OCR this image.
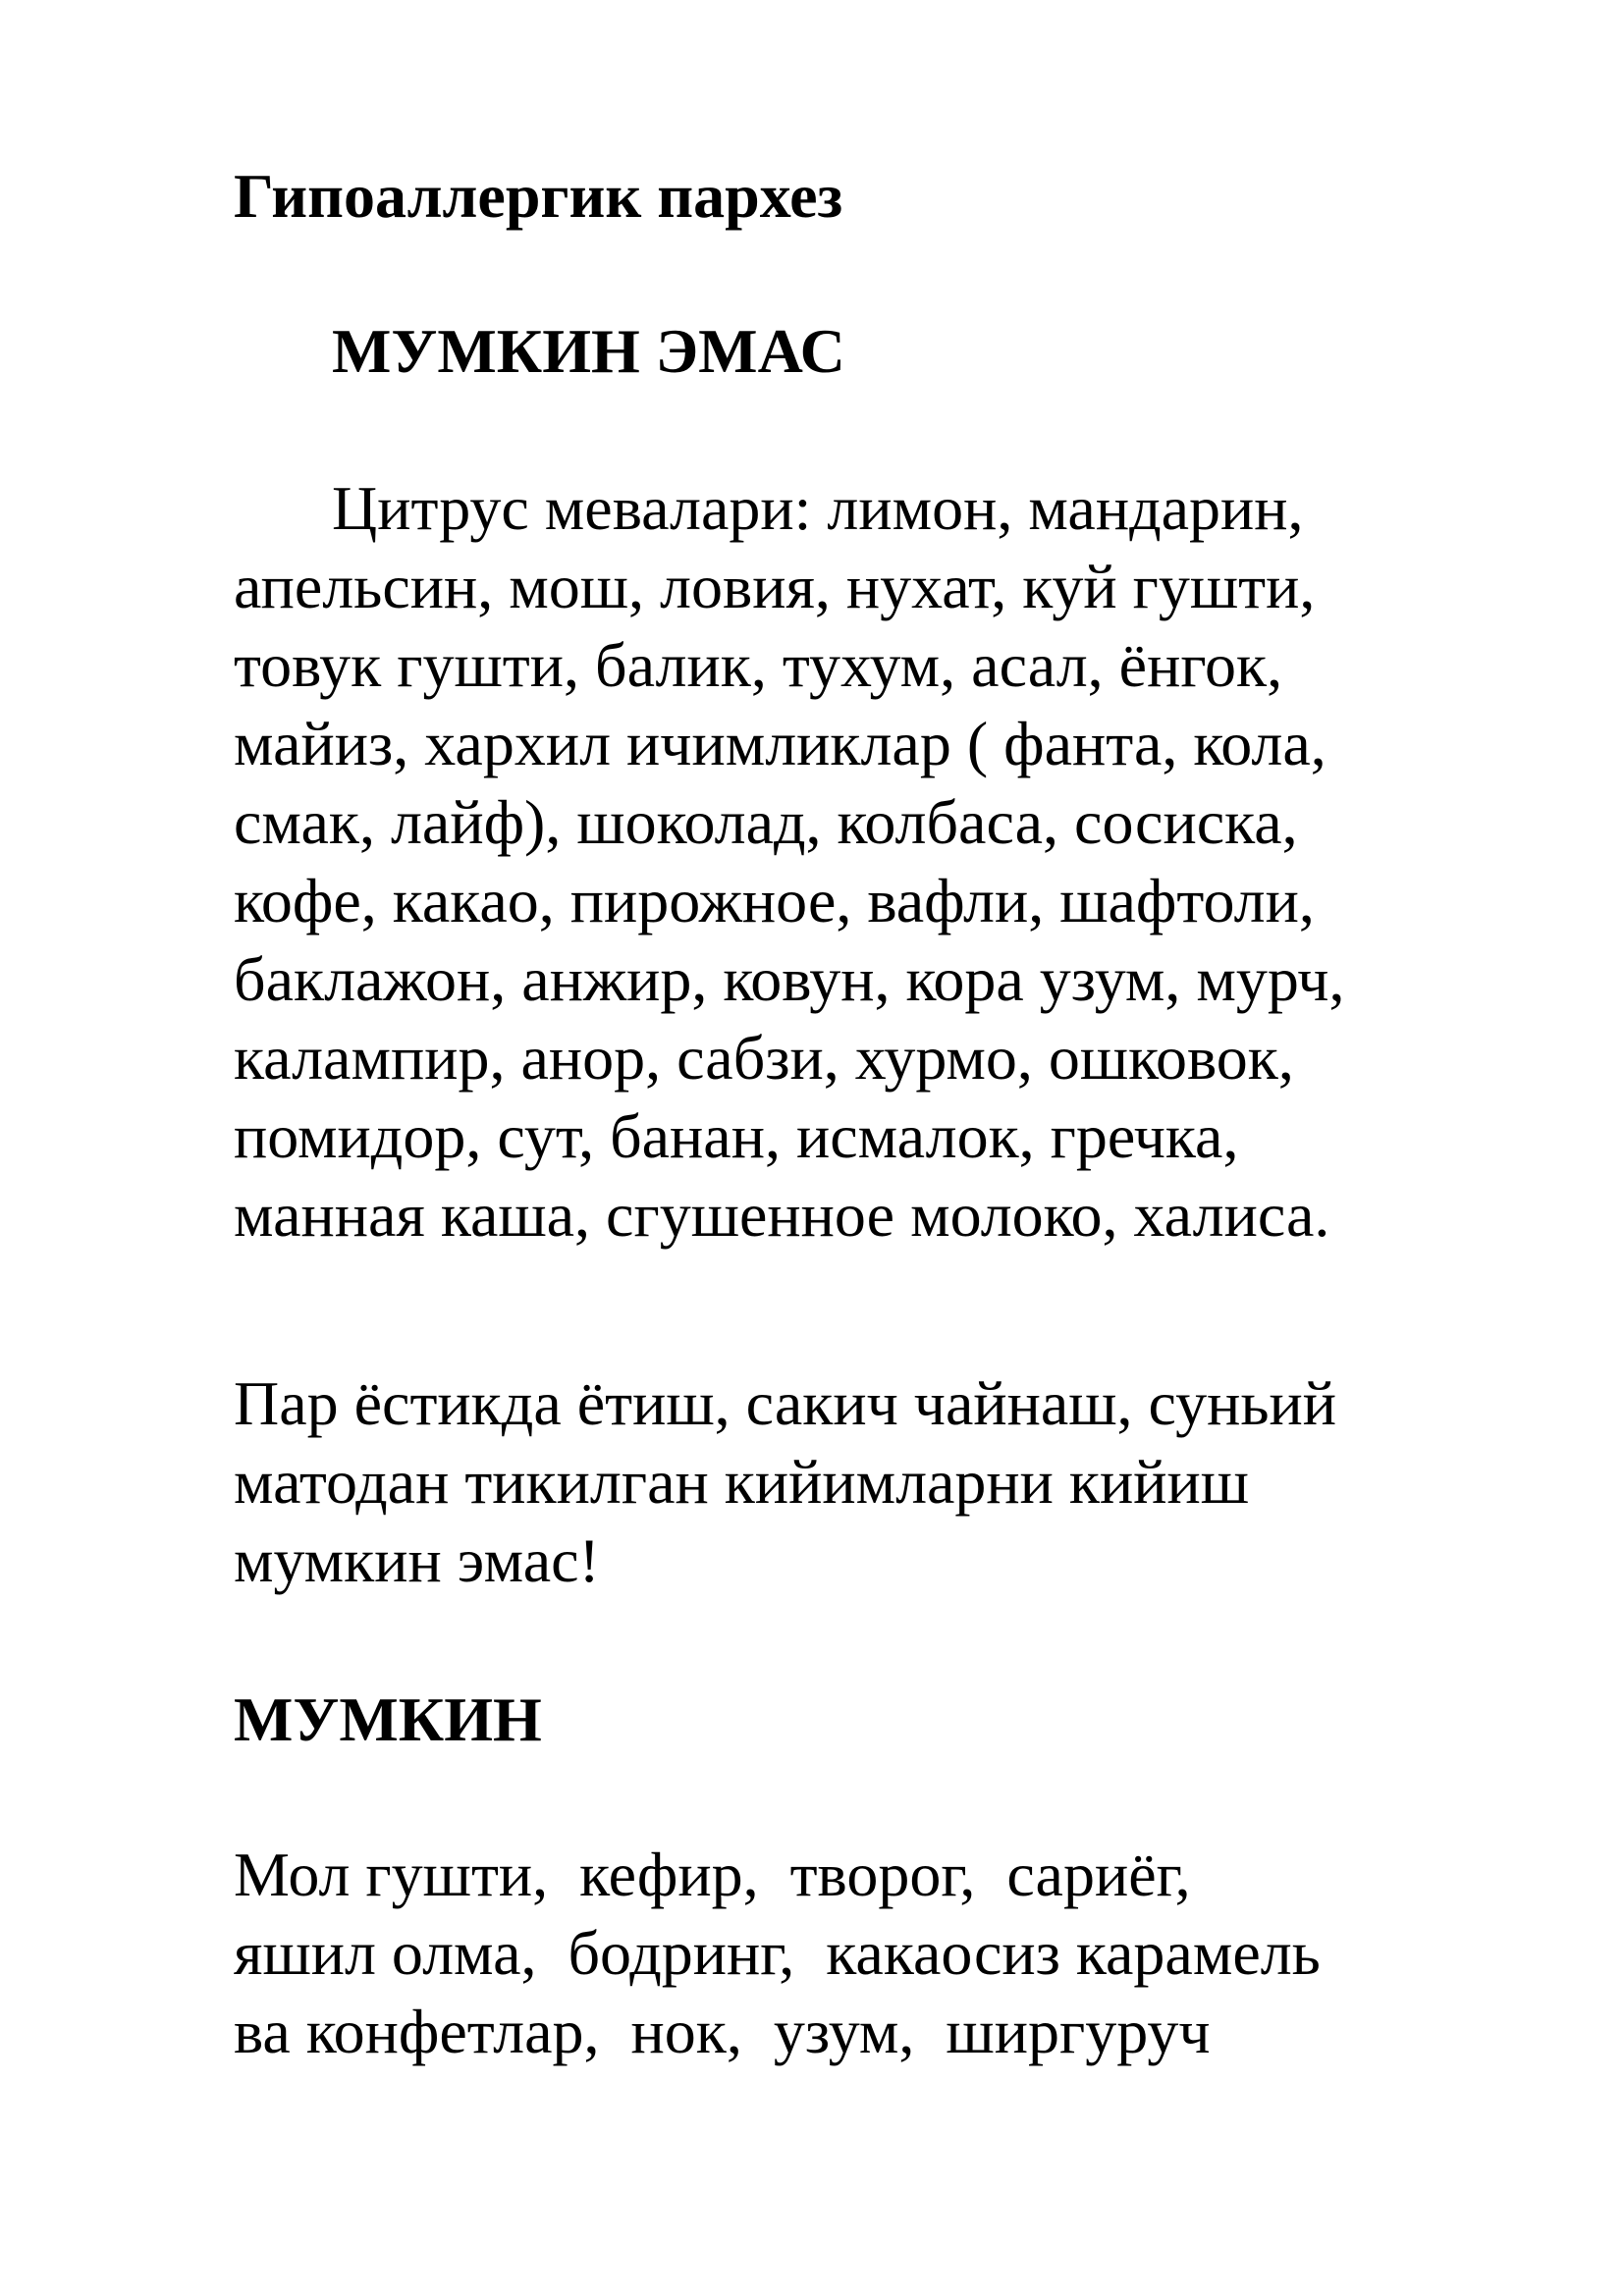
Гипоаллергик пархез
МУМКИН ЭМАС
Цитрус мевалари: лимон, мандарин,
апельсин, мош, ловия, нухат, куй гушти,
товук гушти, балик, тухум, асал, ёнгок,
майиз, хархил ичимликлар ( фанта, кола,
смак, лайф), шоколад, колбаса, сосиска,
кофе, какао, пирожное, вафли, шафтоли,
баклажон, анжир, ковун, кора узум, мурч,
калампир, анор, сабзи, хурмо, ошковок,
помидор, сут, банан, исмалок, гречка,
манная каша, сгушенное молоко, халиса.
Пар ёстикда ётиш, сакич чайнаш, суньий
матодан тикилган кийимларни кийиш
мумкин эмас!
МУМКИН
Мол гушти,  кефир,  творог,  сариёг,
яшил олма,  бодринг,  какаосиз карамель
ва конфетлар,  нок,  узум,  ширгуруч
